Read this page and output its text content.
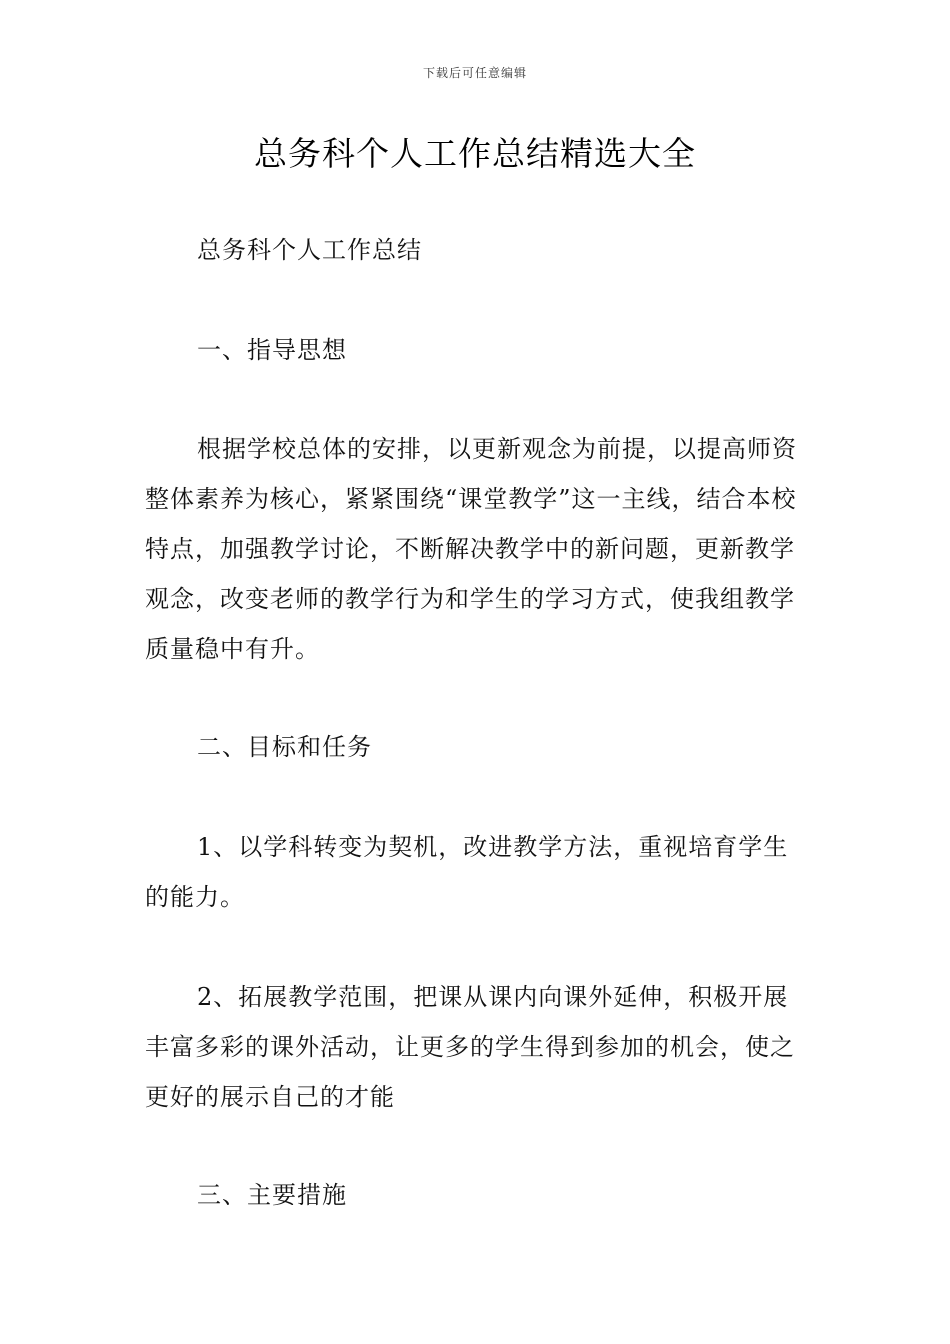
下载后可任意编辑
总务科个人工作总结精选大全
总务科个人工作总结
一、指导思想
根据学校总体的安排，以更新观念为前提，以提高师资整体素养为核心，紧紧围绕“课堂教学”这一主线，结合本校特点，加强教学讨论，不断解决教学中的新问题，更新教学观念，改变老师的教学行为和学生的学习方式，使我组教学质量稳中有升。
二、目标和任务
1、以学科转变为契机，改进教学方法，重视培育学生的能力。
2、拓展教学范围，把课从课内向课外延伸，积极开展丰富多彩的课外活动，让更多的学生得到参加的机会，使之更好的展示自己的才能
三、主要措施
